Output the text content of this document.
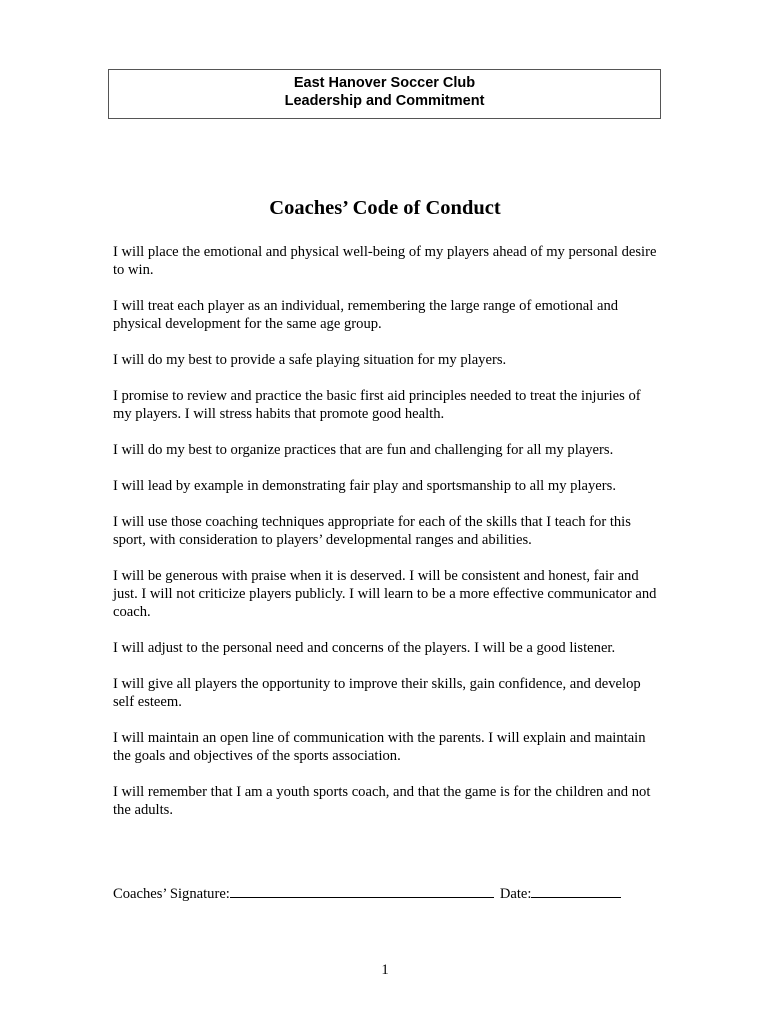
East Hanover Soccer Club
Leadership and Commitment
Coaches’ Code of Conduct

I will place the emotional and physical well-being of my players ahead of my personal desire to win.

I will treat each player as an individual, remembering the large range of emotional and physical development for the same age group.

I will do my best to provide a safe playing situation for my players.

I promise to review and practice the basic first aid principles needed to treat the injuries of my players. I will stress habits that promote good health.

I will do my best to organize practices that are fun and challenging for all my players.

I will lead by example in demonstrating fair play and sportsmanship to all my players.

I will use those coaching techniques appropriate for each of the skills that I teach for this sport, with consideration to players’ developmental ranges and abilities.

I will be generous with praise when it is deserved. I will be consistent and honest, fair and just. I will not criticize players publicly. I will learn to be a more effective communicator and coach.

I will adjust to the personal need and concerns of the players. I will be a good listener.

I will give all players the opportunity to improve their skills, gain confidence, and develop self esteem.

I will maintain an open line of communication with the parents. I will explain and maintain the goals and objectives of the sports association.

I will remember that I am a youth sports coach, and that the game is for the children and not the adults.

Coaches’ Signature:	Date:
1
